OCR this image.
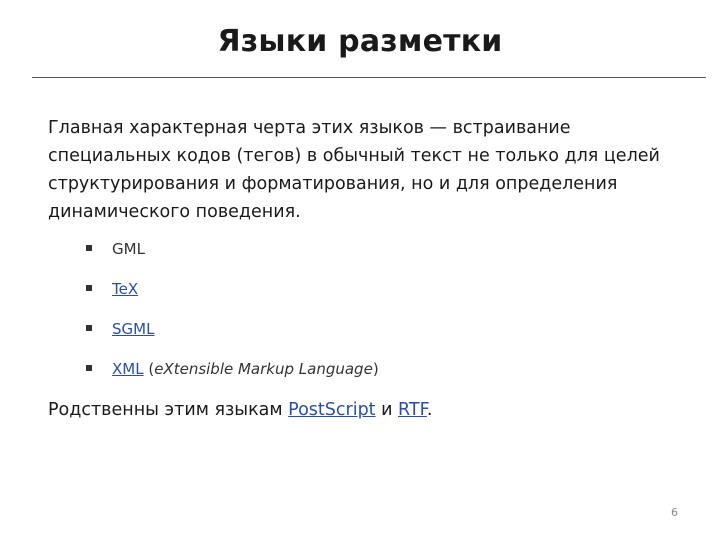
Языки разметки
Главная характерная черта этих языков — встраивание специальных кодов (тегов) в обычный текст не только для целей структурирования и форматирования, но и для определения динамического поведения.
GML
TeX
SGML
XML (eXtensible Markup Language)
Родственны этим языкам PostScript и RTF.
6
